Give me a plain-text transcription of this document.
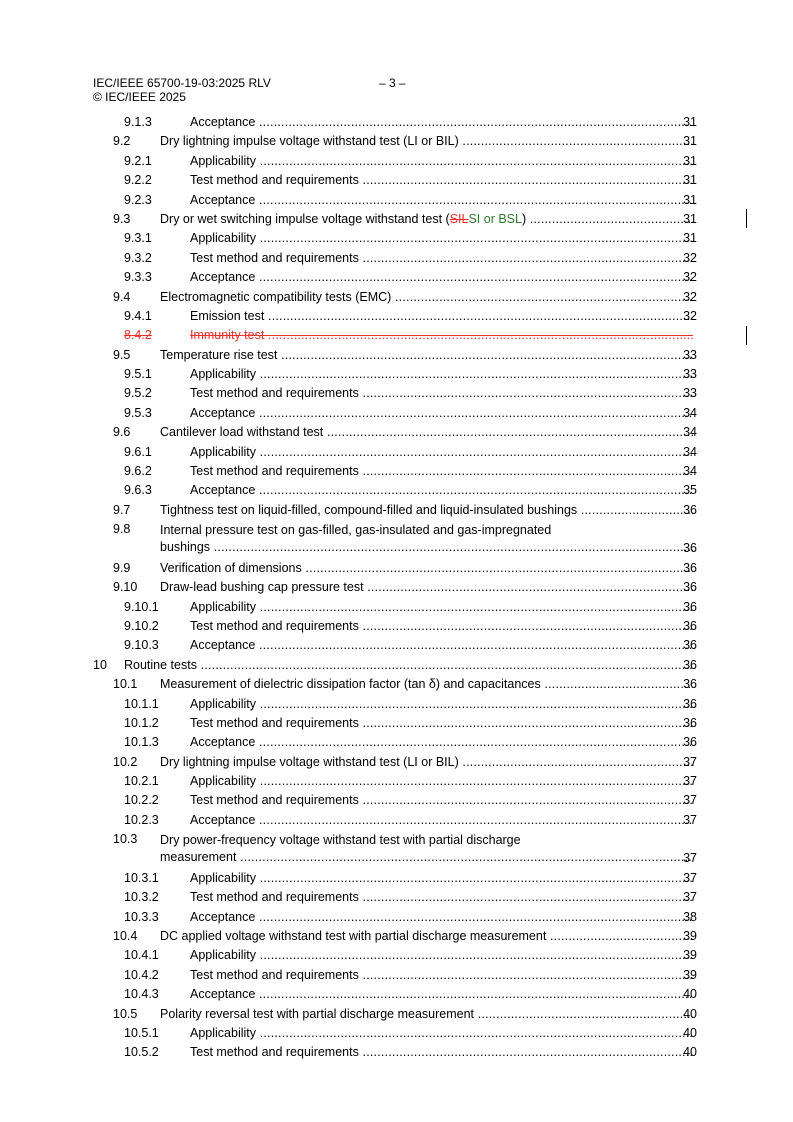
IEC/IEEE 65700-19-03:2025 RLV	– 3 –
© IEC/IEEE 2025
9.1.3	Acceptance .....	31
9.2 Dry lightning impulse voltage withstand test (LI or BIL) .....	31
9.2.1	Applicability .....	31
9.2.2	Test method and requirements .....	31
9.2.3	Acceptance .....	31
9.3 Dry or wet switching impulse voltage withstand test (SILSI or BSL) .....	31
9.3.1	Applicability .....	31
9.3.2	Test method and requirements .....	32
9.3.3	Acceptance .....	32
9.4 Electromagnetic compatibility tests (EMC) .....	32
9.4.1	Emission test .....	32
8.4.2	Immunity test .....
9.5 Temperature rise test .....	33
9.5.1	Applicability .....	33
9.5.2	Test method and requirements .....	33
9.5.3	Acceptance .....	34
9.6 Cantilever load withstand test .....	34
9.6.1	Applicability .....	34
9.6.2	Test method and requirements .....	34
9.6.3	Acceptance .....	35
9.7 Tightness test on liquid-filled, compound-filled and liquid-insulated bushings .....	36
9.8 Internal pressure test on gas-filled, gas-insulated and gas-impregnated
bushings .....	36
9.9 Verification of dimensions .....	36
9.10 Draw-lead bushing cap pressure test .....	36
9.10.1 Applicability .....	36
9.10.2 Test method and requirements .....	36
9.10.3 Acceptance .....	36
10 Routine tests .....	36
10.1 Measurement of dielectric dissipation factor (tan δ) and capacitances .....	36
10.1.1 Applicability .....	36
10.1.2 Test method and requirements .....	36
10.1.3 Acceptance .....	36
10.2 Dry lightning impulse voltage withstand test (LI or BIL) .....	37
10.2.1 Applicability .....	37
10.2.2 Test method and requirements .....	37
10.2.3 Acceptance .....	37
10.3 Dry power-frequency voltage withstand test with partial discharge
measurement .....	37
10.3.1 Applicability .....	37
10.3.2 Test method and requirements .....	37
10.3.3 Acceptance .....	38
10.4 DC applied voltage withstand test with partial discharge measurement .....	39
10.4.1 Applicability .....	39
10.4.2 Test method and requirements .....	39
10.4.3 Acceptance .....	40
10.5 Polarity reversal test with partial discharge measurement .....	40
10.5.1 Applicability .....	40
10.5.2 Test method and requirements .....	40
